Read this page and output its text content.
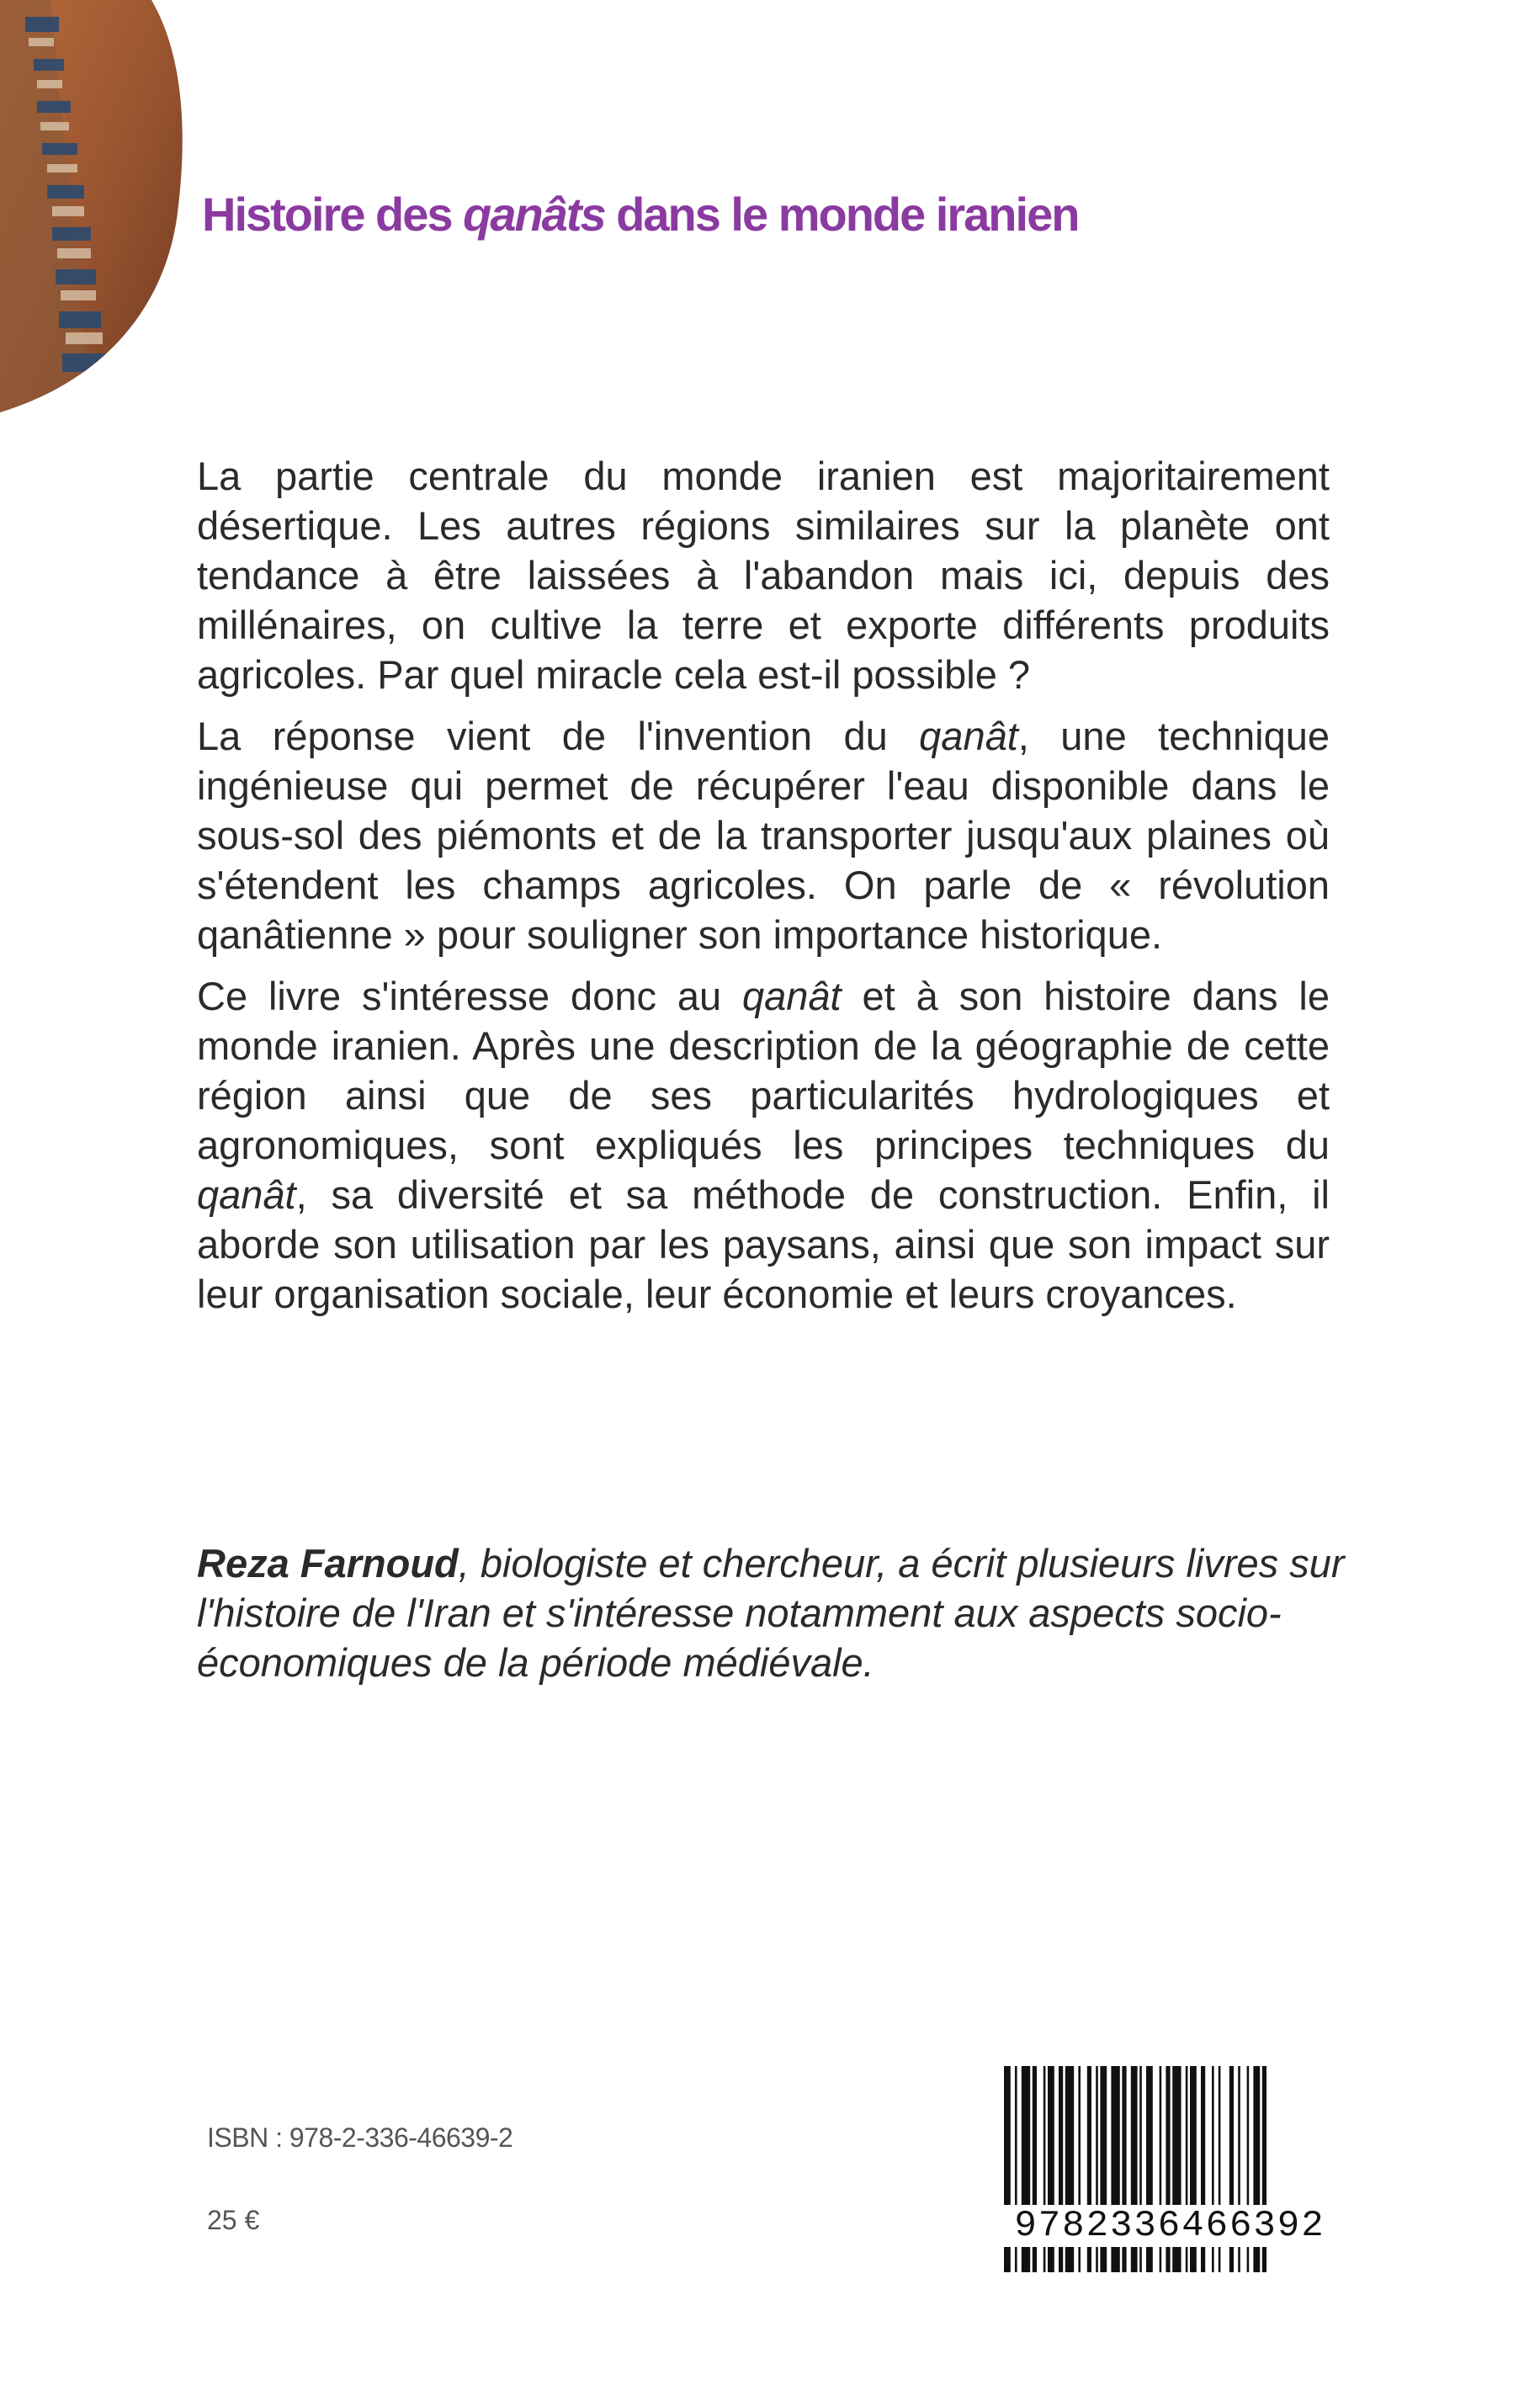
Histoire des qanâts dans le monde iranien

La partie centrale du monde iranien est majoritairement désertique. Les autres régions similaires sur la planète ont tendance à être laissées à l'abandon mais ici, depuis des millénaires, on cultive la terre et exporte différents produits agricoles. Par quel miracle cela est-il possible ?

La réponse vient de l'invention du qanât, une technique ingénieuse qui permet de récupérer l'eau disponible dans le sous-sol des piémonts et de la transporter jusqu'aux plaines où s'étendent les champs agricoles. On parle de « révolution qanâtienne » pour souligner son importance historique.

Ce livre s'intéresse donc au qanât et à son histoire dans le monde iranien. Après une description de la géographie de cette région ainsi que de ses particularités hydrologiques et agronomiques, sont expliqués les principes techniques du qanât, sa diversité et sa méthode de construction. Enfin, il aborde son utilisation par les paysans, ainsi que son impact sur leur organisation sociale, leur économie et leurs croyances.

Reza Farnoud, biologiste et chercheur, a écrit plusieurs livres sur l'histoire de l'Iran et s'intéresse notamment aux aspects socio-économiques de la période médiévale.
ISBN : 978-2-336-46639-2
25 €	9782336466392
